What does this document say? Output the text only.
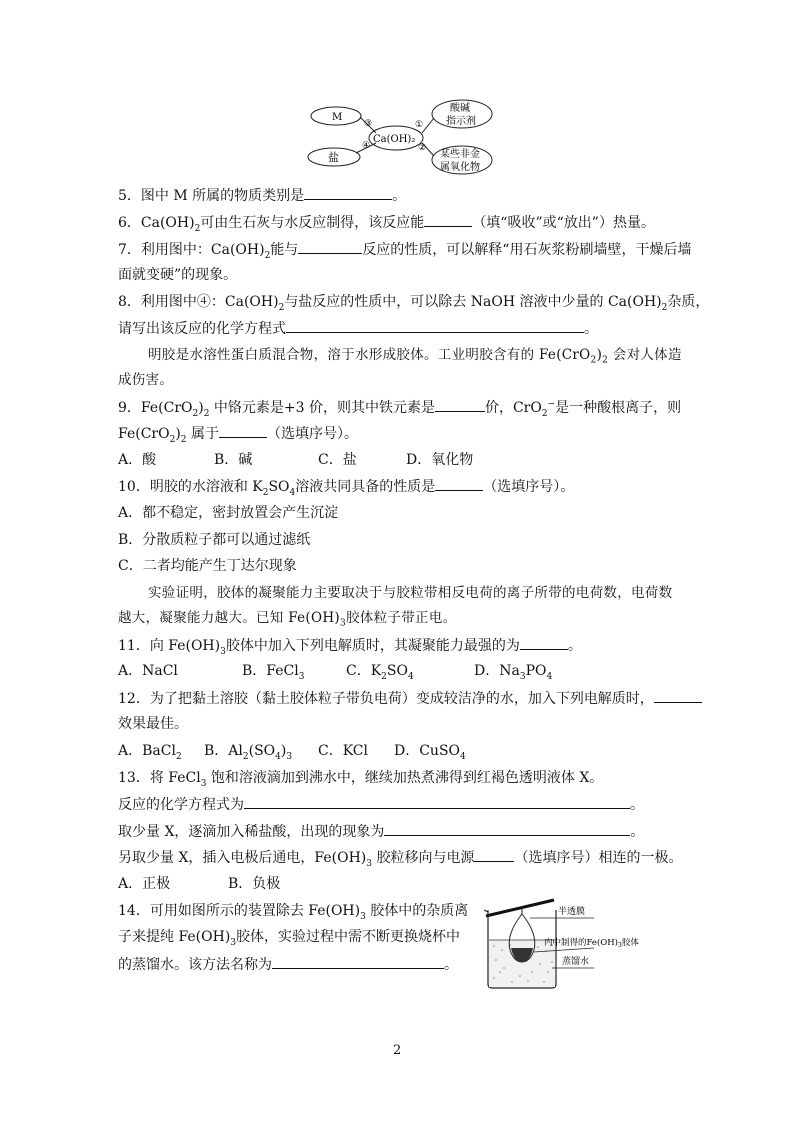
M
Ca(OH)₂
盐
酸碱
指示剂
某些非金
属氧化物
③
④
①
②
5．图中 M 所属的物质类别是	。
6．$Ca(OH)_2$可由生石灰与水反应制得，该反应能	（填“吸收”或“放出”）热量。
7．利用图中：$Ca(OH)_2$能与	反应的性质，可以解释“用石灰浆粉刷墙壁，干燥后墙
面就变硬”的现象。
8．利用图中④：$Ca(OH)_2$与盐反应的性质中，可以除去 NaOH 溶液中少量的 $Ca(OH)_2$杂质，
请写出该反应的化学方程式	。
明胶是水溶性蛋白质混合物，溶于水形成胶体。工业明胶含有的 $Fe(CrO_2)_2$ 会对人体造
成伤害。
9．$Fe(CrO_2)_2$ 中铬元素是+3 价，则其中铁元素是	价，CrO$_2$−是一种酸根离子，则
$Fe(CrO_2)_2$ 属于	（选填序号）。
A．酸	B．碱	C．盐	D．氧化物
10．明胶的水溶液和 $K_2SO_4$溶液共同具备的性质是	（选填序号）。
A．都不稳定，密封放置会产生沉淀
B．分散质粒子都可以通过滤纸
C．二者均能产生丁达尔现象
实验证明，胶体的凝聚能力主要取决于与胶粒带相反电荷的离子所带的电荷数，电荷数
越大，凝聚能力越大。已知 $Fe(OH)_3$胶体粒子带正电。
11．向 $Fe(OH)_3$胶体中加入下列电解质时，其凝聚能力最强的为	。
A．NaCl	B．FeCl$_3$	C．$K_2SO_4$	D．$Na_3PO_4$
12．为了把黏土溶胶（黏土胶体粒子带负电荷）变成较洁净的水，加入下列电解质时，
效果最佳。
A．BaCl$_2$ B．$Al_2(SO_4)_3$ C．KCl D．CuSO$_4$
13．将 FeCl$_3$ 饱和溶液滴加到沸水中，继续加热煮沸得到红褐色透明液体 X。
反应的化学方程式为	。
取少量 X，逐滴加入稀盐酸，出现的现象为	。
另取少量 X，插入电极后通电，$Fe(OH)_3$ 胶粒移向与电源	（选填序号）相连的一极。
A．正极	B．负极
14．可用如图所示的装置除去 $Fe(OH)_3$ 胶体中的杂质离
子来提纯 $Fe(OH)_3$胶体，实验过程中需不断更换烧杯中
的蒸馏水。该方法名称为	。
半透膜
内中制得的$Fe(OH)_3$胶体
蒸馏水
2
